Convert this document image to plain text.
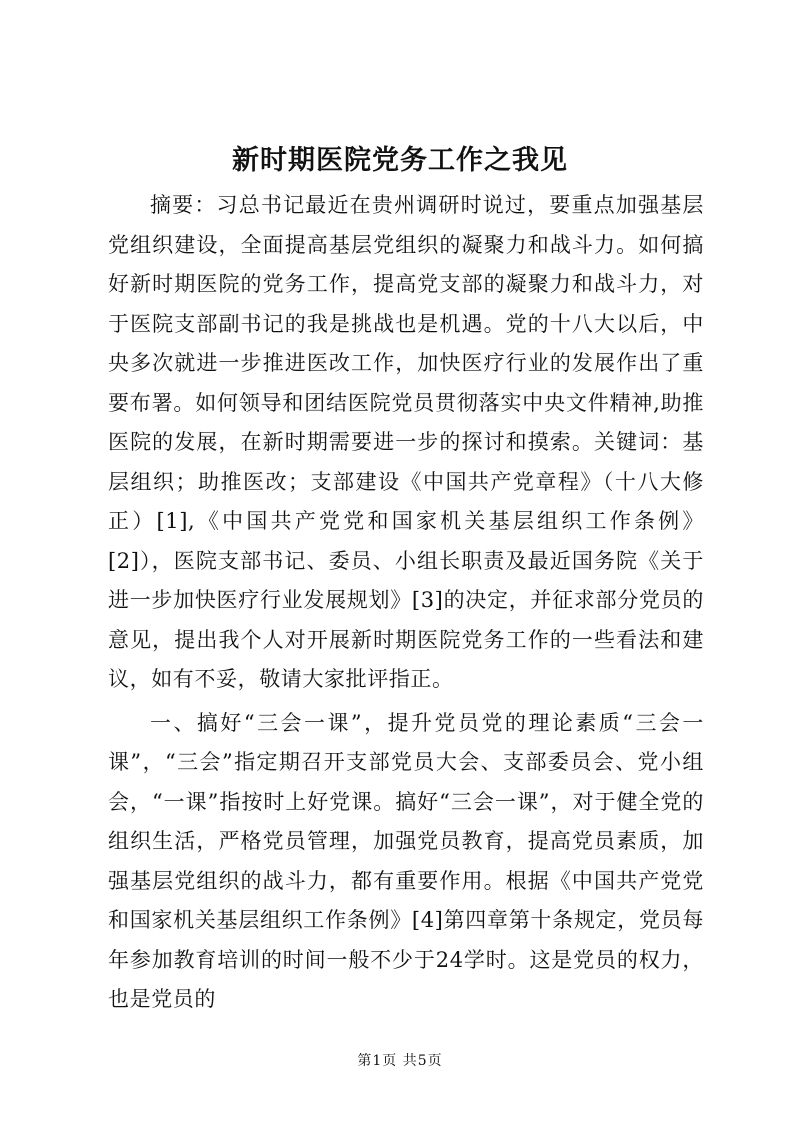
新时期医院党务工作之我见

摘要：习总书记最近在贵州调研时说过，要重点加强基层党组织建设，全面提高基层党组织的凝聚力和战斗力。如何搞好新时期医院的党务工作，提高党支部的凝聚力和战斗力，对于医院支部副书记的我是挑战也是机遇。党的十八大以后，中央多次就进一步推进医改工作，加快医疗行业的发展作出了重要布署。如何领导和团结医院党员贯彻落实中央文件精神,助推医院的发展，在新时期需要进一步的探讨和摸索。关键词：基层组织；助推医改；支部建设《中国共产党章程》（十八大修正）[1],《中国共产党党和国家机关基层组织工作条例》[2]），医院支部书记、委员、小组长职责及最近国务院《关于进一步加快医疗行业发展规划》[3]的决定，并征求部分党员的意见，提出我个人对开展新时期医院党务工作的一些看法和建议，如有不妥，敬请大家批评指正。

一、搞好“三会一课”，提升党员党的理论素质“三会一课”，“三会”指定期召开支部党员大会、支部委员会、党小组会，“一课”指按时上好党课。搞好“三会一课”，对于健全党的组织生活，严格党员管理，加强党员教育，提高党员素质，加强基层党组织的战斗力，都有重要作用。根据《中国共产党党和国家机关基层组织工作条例》[4]第四章第十条规定，党员每年参加教育培训的时间一般不少于24学时。这是党员的权力，也是党员的

第1页 共5页
